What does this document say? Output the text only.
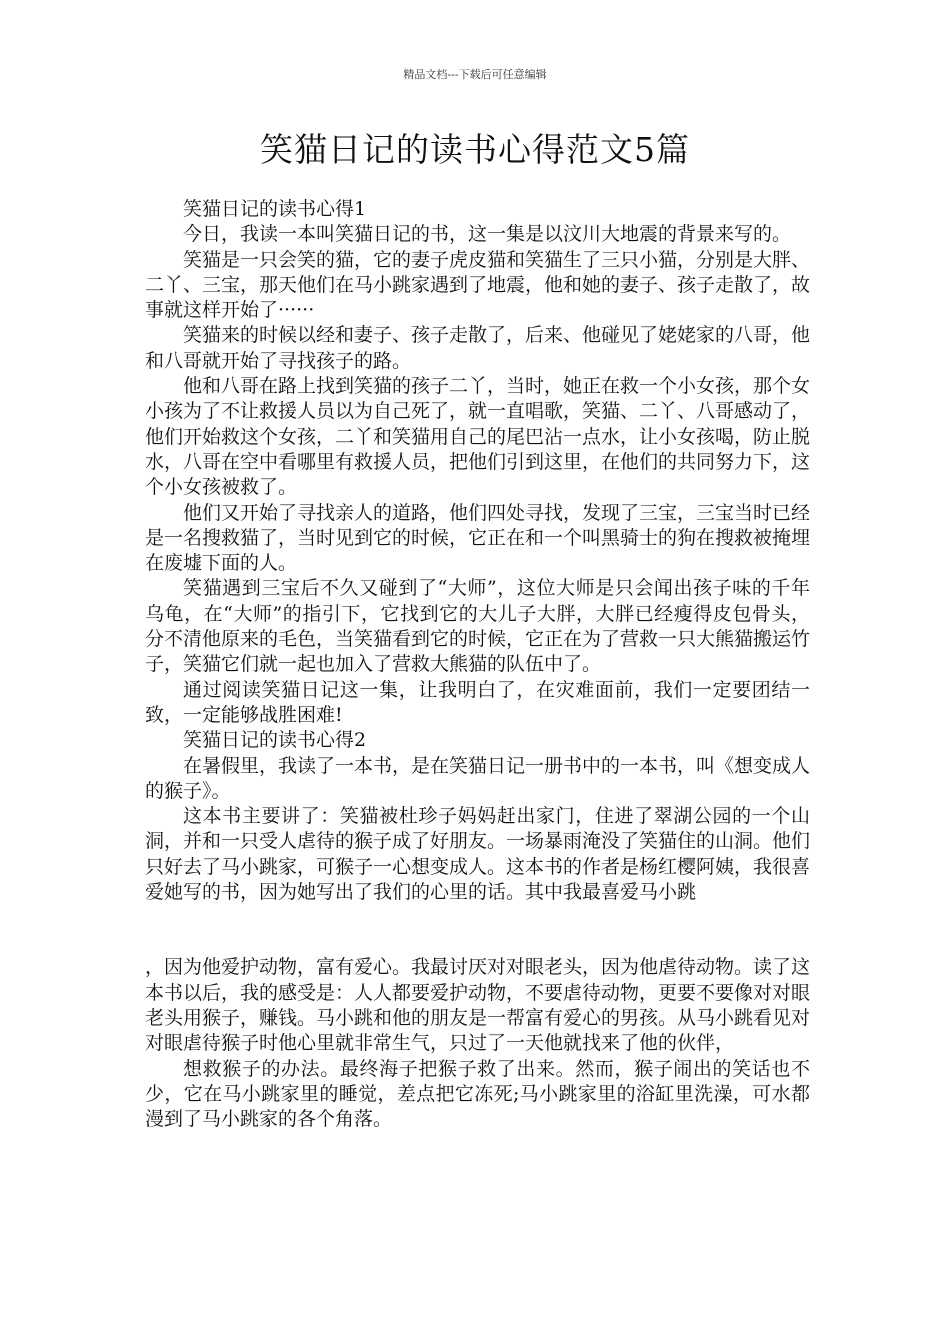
精品文档---下载后可任意编辑
笑猫日记的读书心得范文5篇

笑猫日记的读书心得1

今日，我读一本叫笑猫日记的书，这一集是以汶川大地震的背景来写的。

笑猫是一只会笑的猫，它的妻子虎皮猫和笑猫生了三只小猫，分别是大胖、二丫、三宝，那天他们在马小跳家遇到了地震，他和她的妻子、孩子走散了，故事就这样开始了······

笑猫来的时候以经和妻子、孩子走散了，后来、他碰见了姥姥家的八哥，他和八哥就开始了寻找孩子的路。

他和八哥在路上找到笑猫的孩子二丫，当时，她正在救一个小女孩，那个女小孩为了不让救援人员以为自己死了，就一直唱歌，笑猫、二丫、八哥感动了，他们开始救这个女孩，二丫和笑猫用自己的尾巴沾一点水，让小女孩喝，防止脱水，八哥在空中看哪里有救援人员，把他们引到这里，在他们的共同努力下，这个小女孩被救了。

他们又开始了寻找亲人的道路，他们四处寻找，发现了三宝，三宝当时已经是一名搜救猫了，当时见到它的时候，它正在和一个叫黑骑士的狗在搜救被掩埋在废墟下面的人。

笑猫遇到三宝后不久又碰到了“大师”，这位大师是只会闻出孩子味的千年乌龟，在“大师”的指引下，它找到它的大儿子大胖，大胖已经瘦得皮包骨头，分不清他原来的毛色，当笑猫看到它的时候，它正在为了营救一只大熊猫搬运竹子，笑猫它们就一起也加入了营救大熊猫的队伍中了。

通过阅读笑猫日记这一集，让我明白了，在灾难面前，我们一定要团结一致，一定能够战胜困难!

笑猫日记的读书心得2

在暑假里，我读了一本书，是在笑猫日记一册书中的一本书，叫《想变成人的猴子》。

这本书主要讲了：笑猫被杜珍子妈妈赶出家门，住进了翠湖公园的一个山洞，并和一只受人虐待的猴子成了好朋友。一场暴雨淹没了笑猫住的山洞。他们只好去了马小跳家，可猴子一心想变成人。这本书的作者是杨红樱阿姨，我很喜爱她写的书，因为她写出了我们的心里的话。其中我最喜爱马小跳

，因为他爱护动物，富有爱心。我最讨厌对对眼老头，因为他虐待动物。读了这本书以后，我的感受是：人人都要爱护动物，不要虐待动物，更要不要像对对眼老头用猴子，赚钱。马小跳和他的朋友是一帮富有爱心的男孩。从马小跳看见对对眼虐待猴子时他心里就非常生气，只过了一天他就找来了他的伙伴，

想救猴子的办法。最终海子把猴子救了出来。然而，猴子闹出的笑话也不少，它在马小跳家里的睡觉，差点把它冻死;马小跳家里的浴缸里洗澡，可水都漫到了马小跳家的各个角落。
